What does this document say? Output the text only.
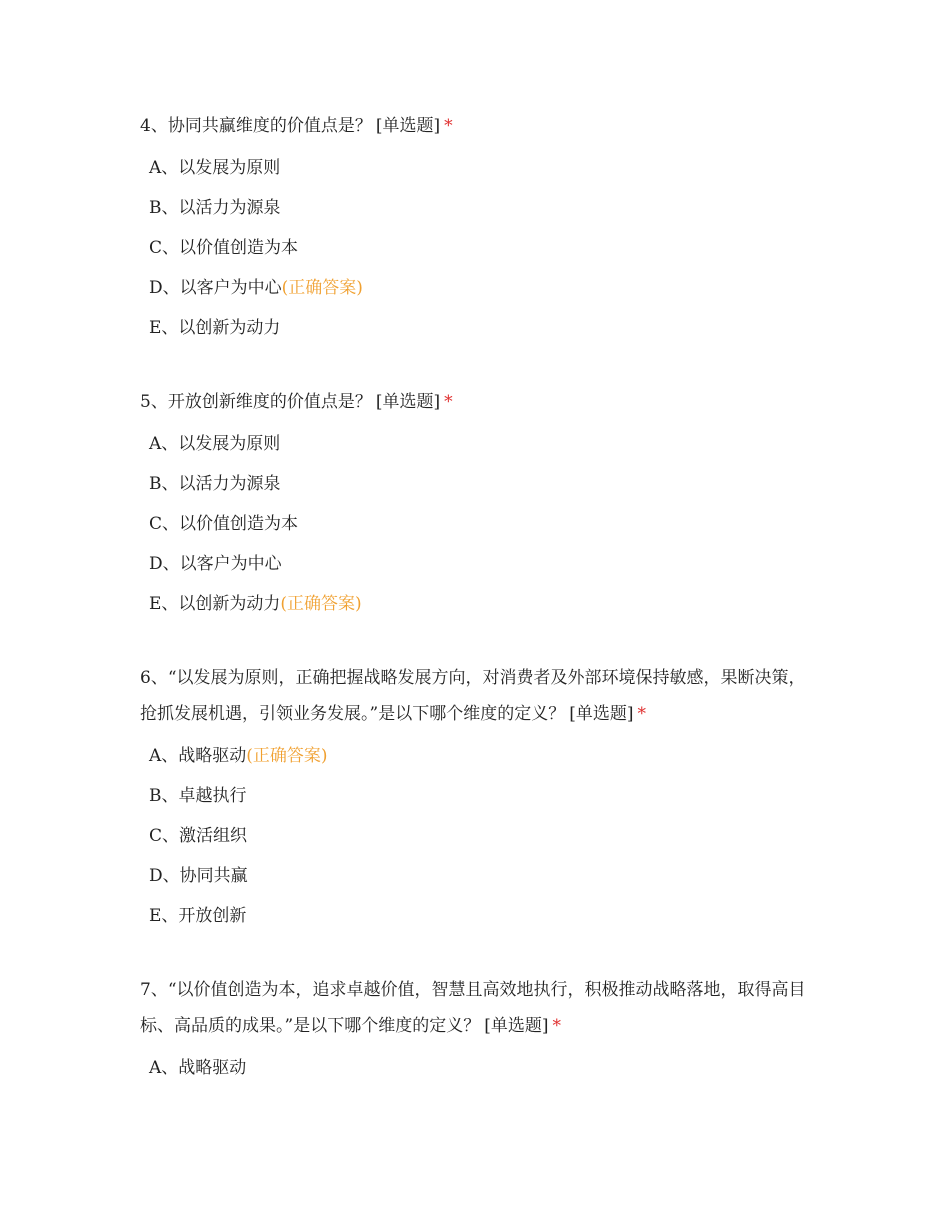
4、协同共赢维度的价值点是？ [单选题] *
A、以发展为原则
B、以活力为源泉
C、以价值创造为本
D、以客户为中心(正确答案)
E、以创新为动力
5、开放创新维度的价值点是？ [单选题] *
A、以发展为原则
B、以活力为源泉
C、以价值创造为本
D、以客户为中心
E、以创新为动力(正确答案)
6、“以发展为原则，正确把握战略发展方向，对消费者及外部环境保持敏感，果断决策，抢抓发展机遇，引领业务发展。”是以下哪个维度的定义？ [单选题] *
A、战略驱动(正确答案)
B、卓越执行
C、激活组织
D、协同共赢
E、开放创新
7、“以价值创造为本，追求卓越价值，智慧且高效地执行，积极推动战略落地，取得高目标、高品质的成果。”是以下哪个维度的定义？ [单选题] *
A、战略驱动
